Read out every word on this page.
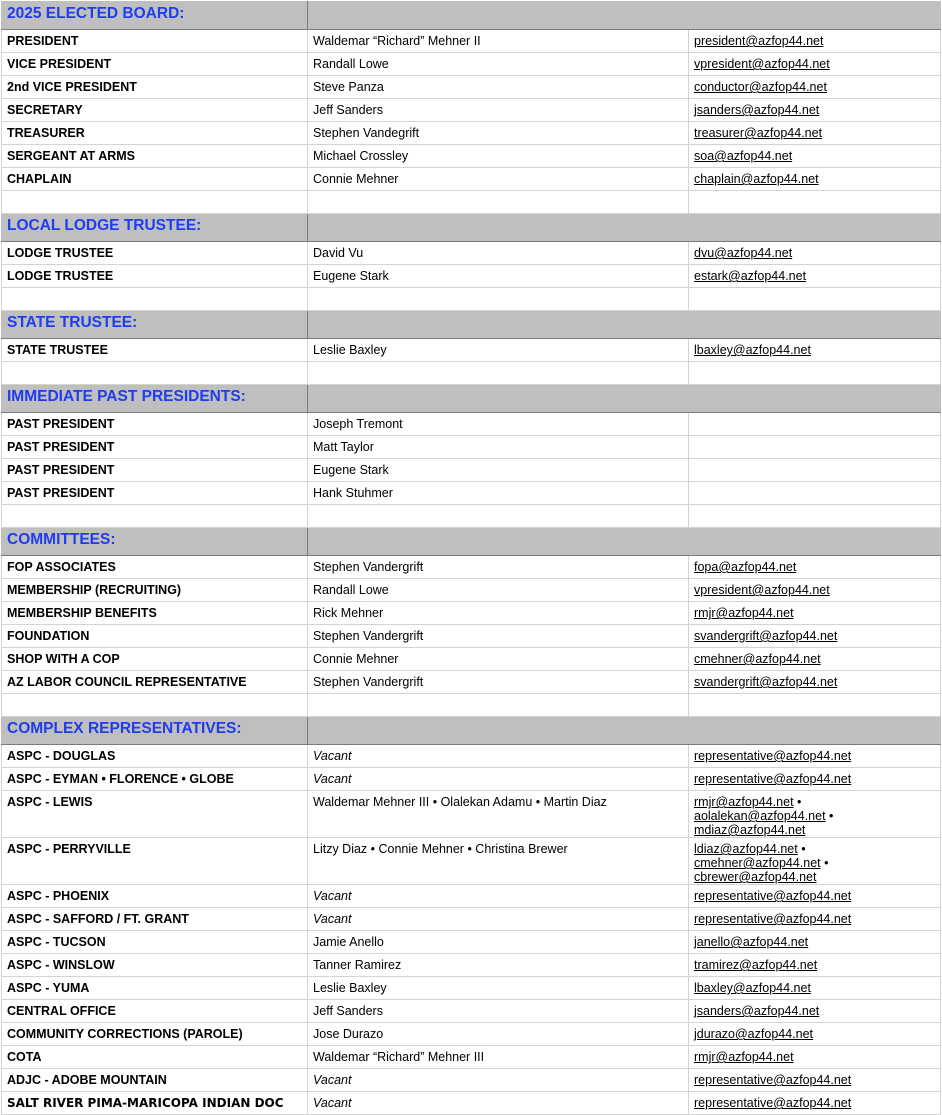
2025 ELECTED BOARD:		
PRESIDENT	Waldemar “Richard” Mehner II	president@azfop44.net
VICE PRESIDENT	Randall Lowe	vpresident@azfop44.net
2nd VICE PRESIDENT	Steve Panza	conductor@azfop44.net
SECRETARY	Jeff Sanders	jsanders@azfop44.net
TREASURER	Stephen Vandegrift	treasurer@azfop44.net
SERGEANT AT ARMS	Michael Crossley	soa@azfop44.net
CHAPLAIN	Connie Mehner	chaplain@azfop44.net

LOCAL LODGE TRUSTEE:		
LODGE TRUSTEE	David Vu	dvu@azfop44.net
LODGE TRUSTEE	Eugene Stark	estark@azfop44.net

STATE TRUSTEE:		
STATE TRUSTEE	Leslie Baxley	lbaxley@azfop44.net

IMMEDIATE PAST PRESIDENTS:		
PAST PRESIDENT	Joseph Tremont	
PAST PRESIDENT	Matt Taylor	
PAST PRESIDENT	Eugene Stark	
PAST PRESIDENT	Hank Stuhmer	

COMMITTEES:		
FOP ASSOCIATES	Stephen Vandergrift	fopa@azfop44.net
MEMBERSHIP (RECRUITING)	Randall Lowe	vpresident@azfop44.net
MEMBERSHIP BENEFITS	Rick Mehner	rmjr@azfop44.net
FOUNDATION	Stephen Vandergrift	svandergrift@azfop44.net
SHOP WITH A COP	Connie Mehner	cmehner@azfop44.net
AZ LABOR COUNCIL REPRESENTATIVE	Stephen Vandergrift	svandergrift@azfop44.net

COMPLEX REPRESENTATIVES:		
ASPC - DOUGLAS	Vacant	representative@azfop44.net
ASPC - EYMAN • FLORENCE • GLOBE	Vacant	representative@azfop44.net
ASPC - LEWIS	Waldemar Mehner III • Olalekan Adamu • Martin Diaz	rmjr@azfop44.net • aolalekan@azfop44.net • mdiaz@azfop44.net
ASPC - PERRYVILLE	Litzy Diaz • Connie Mehner • Christina Brewer	ldiaz@azfop44.net • cmehner@azfop44.net • cbrewer@azfop44.net
ASPC - PHOENIX	Vacant	representative@azfop44.net
ASPC - SAFFORD / FT. GRANT	Vacant	representative@azfop44.net
ASPC - TUCSON	Jamie Anello	janello@azfop44.net
ASPC - WINSLOW	Tanner Ramirez	tramirez@azfop44.net
ASPC - YUMA	Leslie Baxley	lbaxley@azfop44.net
CENTRAL OFFICE	Jeff Sanders	jsanders@azfop44.net
COMMUNITY CORRECTIONS (PAROLE)	Jose Durazo	jdurazo@azfop44.net
COTA	Waldemar “Richard” Mehner III	rmjr@azfop44.net
ADJC - ADOBE MOUNTAIN	Vacant	representative@azfop44.net
SALT RIVER PIMA-MARICOPA INDIAN DOC	Vacant	representative@azfop44.net
